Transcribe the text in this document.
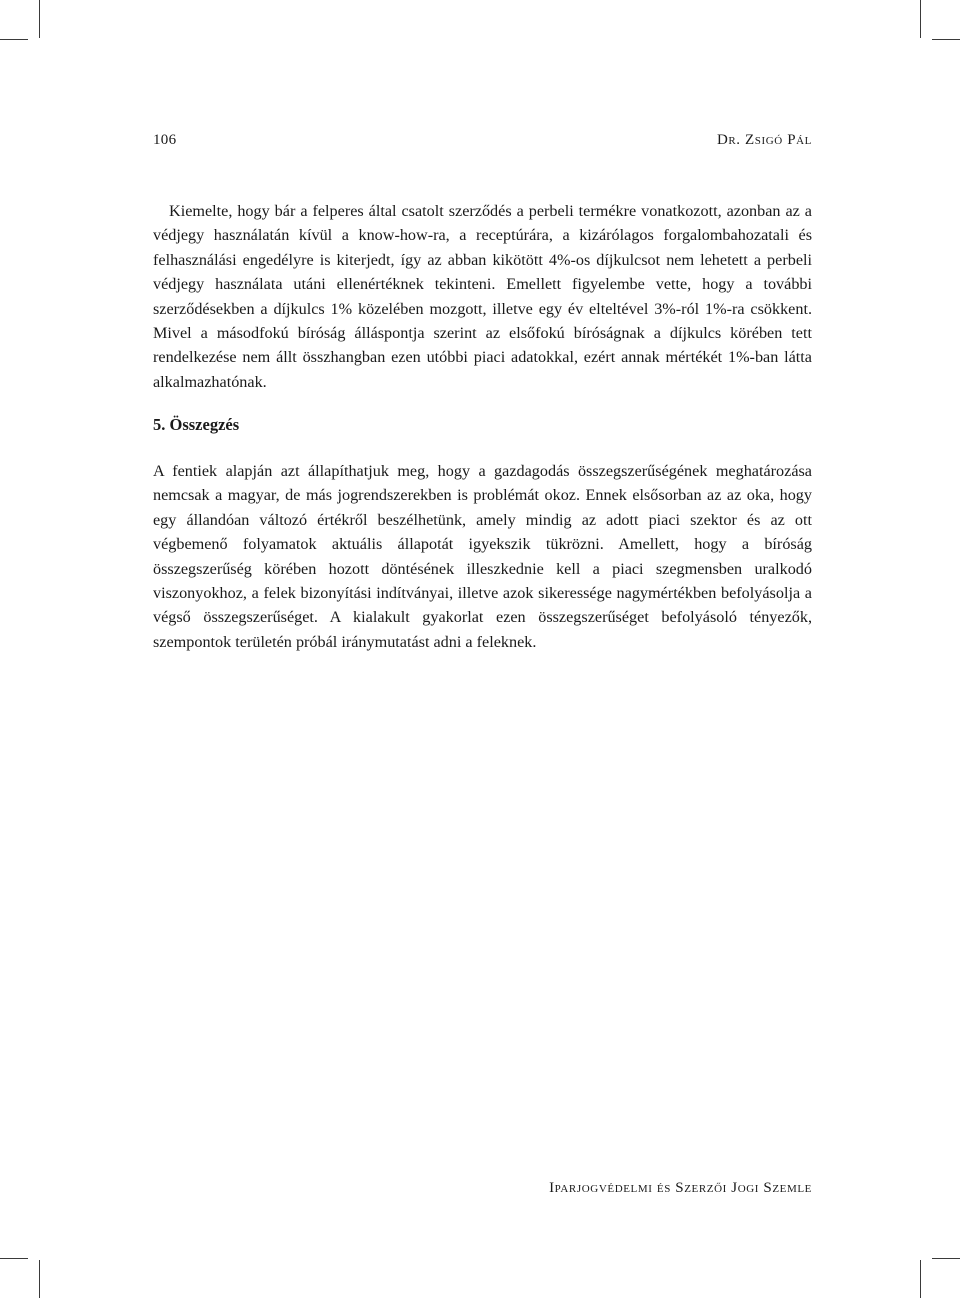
106	Dr. Zsigó Pál

Kiemelte, hogy bár a felperes által csatolt szerződés a perbeli termékre vonatkozott, azonban az a védjegy használatán kívül a know-how-ra, a receptúrára, a kizárólagos forgalombahozatali és felhasználási engedélyre is kiterjedt, így az abban kikötött 4%-os díjkulcsot nem lehetett a perbeli védjegy használata utáni ellenértéknek tekinteni. Emellett figyelembe vette, hogy a további szerződésekben a díjkulcs 1% közelében mozgott, illetve egy év elteltével 3%-ról 1%-ra csökkent. Mivel a másodfokú bíróság álláspontja szerint az elsőfokú bíróságnak a díjkulcs körében tett rendelkezése nem állt összhangban ezen utóbbi piaci adatokkal, ezért annak mértékét 1%-ban látta alkalmazhatónak.

5. Összegzés

A fentiek alapján azt állapíthatjuk meg, hogy a gazdagodás összegszerűségének meghatározása nemcsak a magyar, de más jogrendszerekben is problémát okoz. Ennek elsősorban az az oka, hogy egy állandóan változó értékről beszélhetünk, amely mindig az adott piaci szektor és az ott végbemenő folyamatok aktuális állapotát igyekszik tükrözni. Amellett, hogy a bíróság összegszerűség körében hozott döntésének illeszkednie kell a piaci szegmensben uralkodó viszonyokhoz, a felek bizonyítási indítványai, illetve azok sikeressége nagymértékben befolyásolja a végső összegszerűséget. A kialakult gyakorlat ezen összegszerűséget befolyásoló tényezők, szempontok területén próbál iránymutatást adni a feleknek.

Iparjogvédelmi és Szerzői Jogi Szemle
